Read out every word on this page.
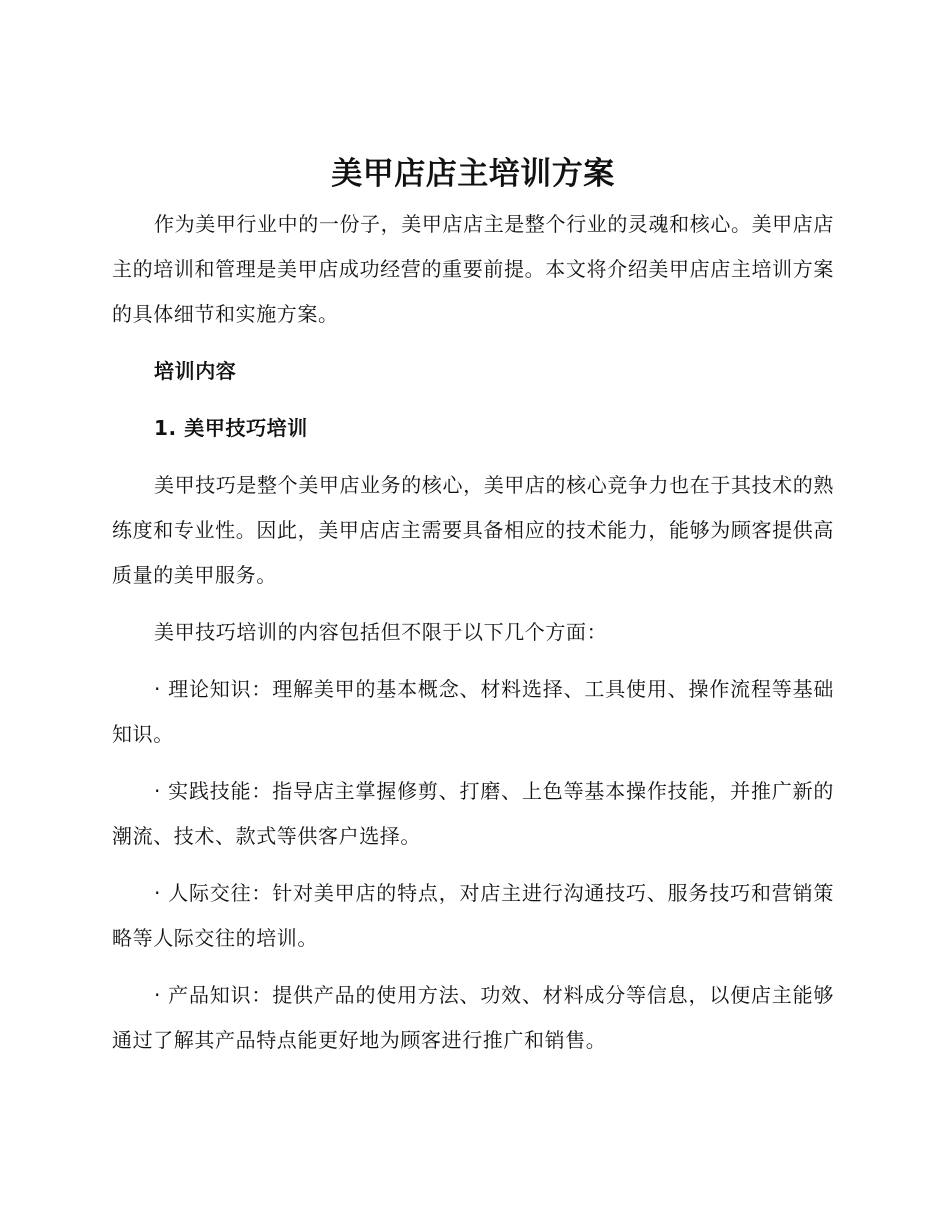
美甲店店主培训方案

作为美甲行业中的一份子，美甲店店主是整个行业的灵魂和核心。美甲店店主的培训和管理是美甲店成功经营的重要前提。本文将介绍美甲店店主培训方案的具体细节和实施方案。

培训内容

1. 美甲技巧培训

美甲技巧是整个美甲店业务的核心，美甲店的核心竞争力也在于其技术的熟练度和专业性。因此，美甲店店主需要具备相应的技术能力，能够为顾客提供高质量的美甲服务。

美甲技巧培训的内容包括但不限于以下几个方面：

· 理论知识：理解美甲的基本概念、材料选择、工具使用、操作流程等基础知识。

· 实践技能：指导店主掌握修剪、打磨、上色等基本操作技能，并推广新的潮流、技术、款式等供客户选择。

· 人际交往：针对美甲店的特点，对店主进行沟通技巧、服务技巧和营销策略等人际交往的培训。

· 产品知识：提供产品的使用方法、功效、材料成分等信息，以便店主能够通过了解其产品特点能更好地为顾客进行推广和销售。
